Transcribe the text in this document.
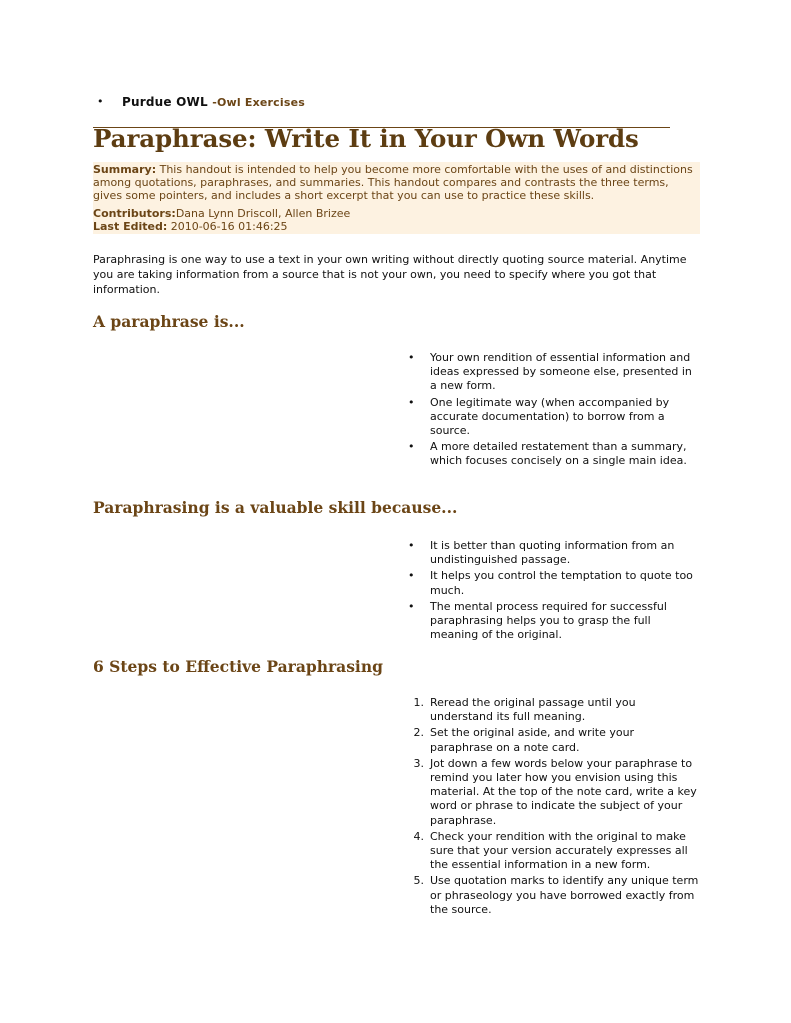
• Purdue OWL -Owl Exercises
Paraphrase: Write It in Your Own Words
Summary: This handout is intended to help you become more comfortable with the uses of and distinctions among quotations, paraphrases, and summaries. This handout compares and contrasts the three terms, gives some pointers, and includes a short excerpt that you can use to practice these skills.
Contributors:Dana Lynn Driscoll, Allen Brizee
Last Edited: 2010-06-16 01:46:25

Paraphrasing is one way to use a text in your own writing without directly quoting source material. Anytime you are taking information from a source that is not your own, you need to specify where you got that information.

A paraphrase is...
• Your own rendition of essential information and ideas expressed by someone else, presented in a new form.
• One legitimate way (when accompanied by accurate documentation) to borrow from a source.
• A more detailed restatement than a summary, which focuses concisely on a single main idea.
Paraphrasing is a valuable skill because...
• It is better than quoting information from an undistinguished passage.
• It helps you control the temptation to quote too much.
• The mental process required for successful paraphrasing helps you to grasp the full meaning of the original.
6 Steps to Effective Paraphrasing
1. Reread the original passage until you understand its full meaning.
2. Set the original aside, and write your paraphrase on a note card.
3. Jot down a few words below your paraphrase to remind you later how you envision using this material. At the top of the note card, write a key word or phrase to indicate the subject of your paraphrase.
4. Check your rendition with the original to make sure that your version accurately expresses all the essential information in a new form.
5. Use quotation marks to identify any unique term or phraseology you have borrowed exactly from the source.
